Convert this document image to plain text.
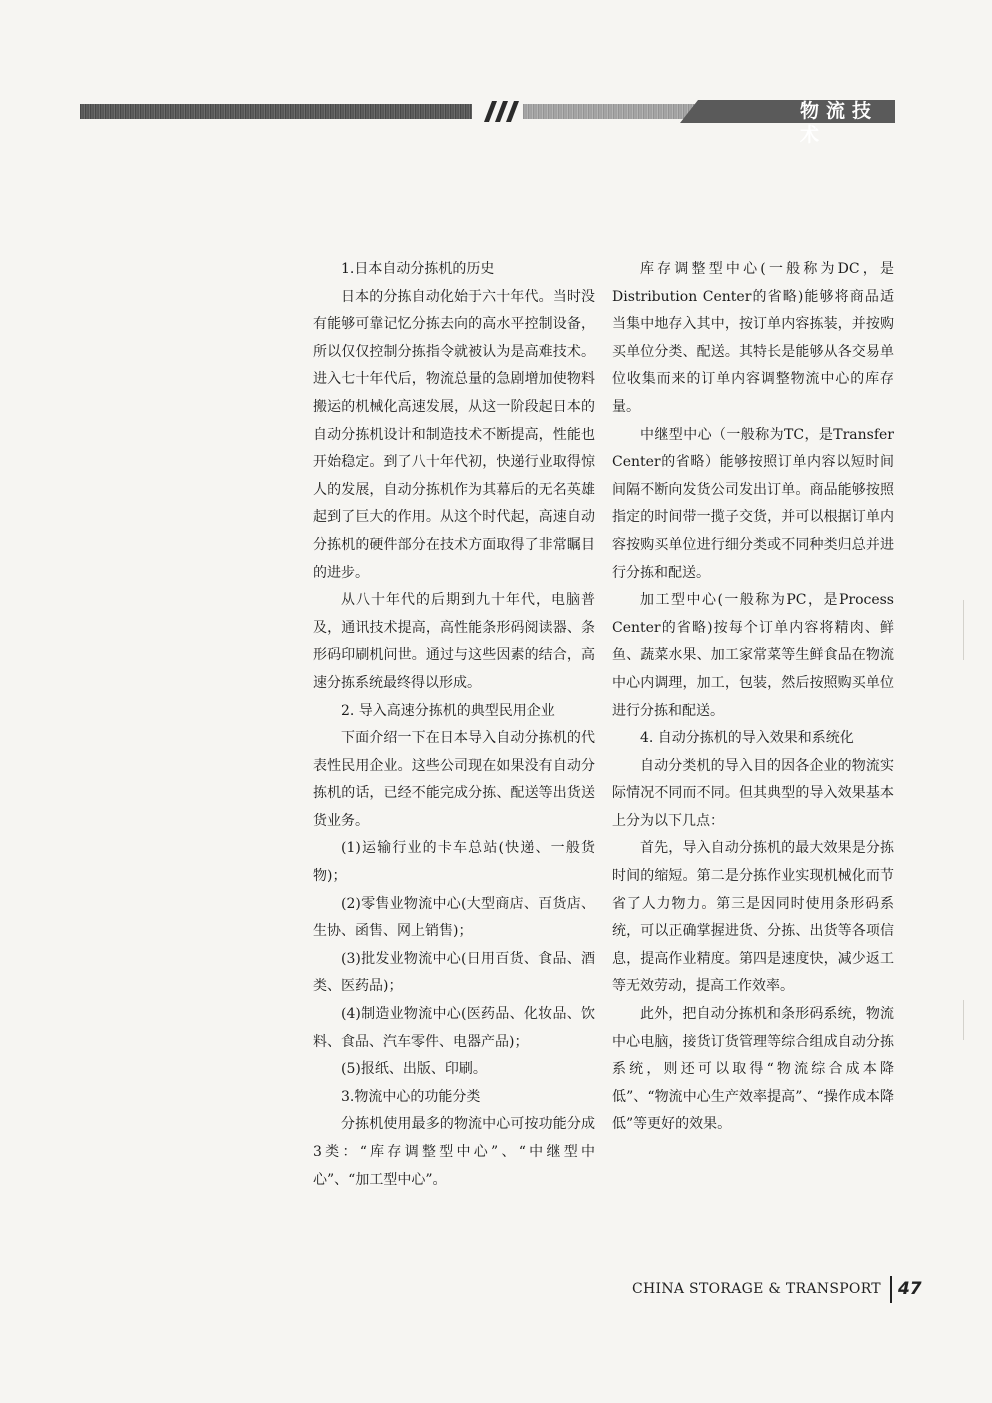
物流技术

1.日本自动分拣机的历史

日本的分拣自动化始于六十年代。当时没有能够可靠记忆分拣去向的高水平控制设备，所以仅仅控制分拣指令就被认为是高难技术。进入七十年代后，物流总量的急剧增加使物料搬运的机械化高速发展，从这一阶段起日本的自动分拣机设计和制造技术不断提高，性能也开始稳定。到了八十年代初，快递行业取得惊人的发展，自动分拣机作为其幕后的无名英雄起到了巨大的作用。从这个时代起，高速自动分拣机的硬件部分在技术方面取得了非常瞩目的进步。

从八十年代的后期到九十年代，电脑普及，通讯技术提高，高性能条形码阅读器、条形码印刷机问世。通过与这些因素的结合，高速分拣系统最终得以形成。

2. 导入高速分拣机的典型民用企业

下面介绍一下在日本导入自动分拣机的代表性民用企业。这些公司现在如果没有自动分拣机的话，已经不能完成分拣、配送等出货送货业务。

(1)运输行业的卡车总站(快递、一般货物)；

(2)零售业物流中心(大型商店、百货店、生协、函售、网上销售)；

(3)批发业物流中心(日用百货、食品、酒类、医药品)；

(4)制造业物流中心(医药品、化妆品、饮料、食品、汽车零件、电器产品)；

(5)报纸、出版、印刷。

3.物流中心的功能分类

分拣机使用最多的物流中心可按功能分成3类：“库存调整型中心”、“中继型中心”、“加工型中心”。

库存调整型中心(一般称为DC，是Distribution Center的省略)能够将商品适当集中地存入其中，按订单内容拣装，并按购买单位分类、配送。其特长是能够从各交易单位收集而来的订单内容调整物流中心的库存量。

中继型中心（一般称为TC，是Transfer Center的省略）能够按照订单内容以短时间间隔不断向发货公司发出订单。商品能够按照指定的时间带一揽子交货，并可以根据订单内容按购买单位进行细分类或不同种类归总并进行分拣和配送。

加工型中心(一般称为PC，是Process Center的省略)按每个订单内容将精肉、鲜鱼、蔬菜水果、加工家常菜等生鲜食品在物流中心内调理，加工，包装，然后按照购买单位进行分拣和配送。

4. 自动分拣机的导入效果和系统化

自动分类机的导入目的因各企业的物流实际情况不同而不同。但其典型的导入效果基本上分为以下几点：

首先，导入自动分拣机的最大效果是分拣时间的缩短。第二是分拣作业实现机械化而节省了人力物力。第三是因同时使用条形码系统，可以正确掌握进货、分拣、出货等各项信息，提高作业精度。第四是速度快，减少返工等无效劳动，提高工作效率。

此外，把自动分拣机和条形码系统，物流中心电脑，接货订货管理等综合组成自动分拣系统，则还可以取得“物流综合成本降低”、“物流中心生产效率提高”、“操作成本降低”等更好的效果。

CHINA STORAGE & TRANSPORT 47
